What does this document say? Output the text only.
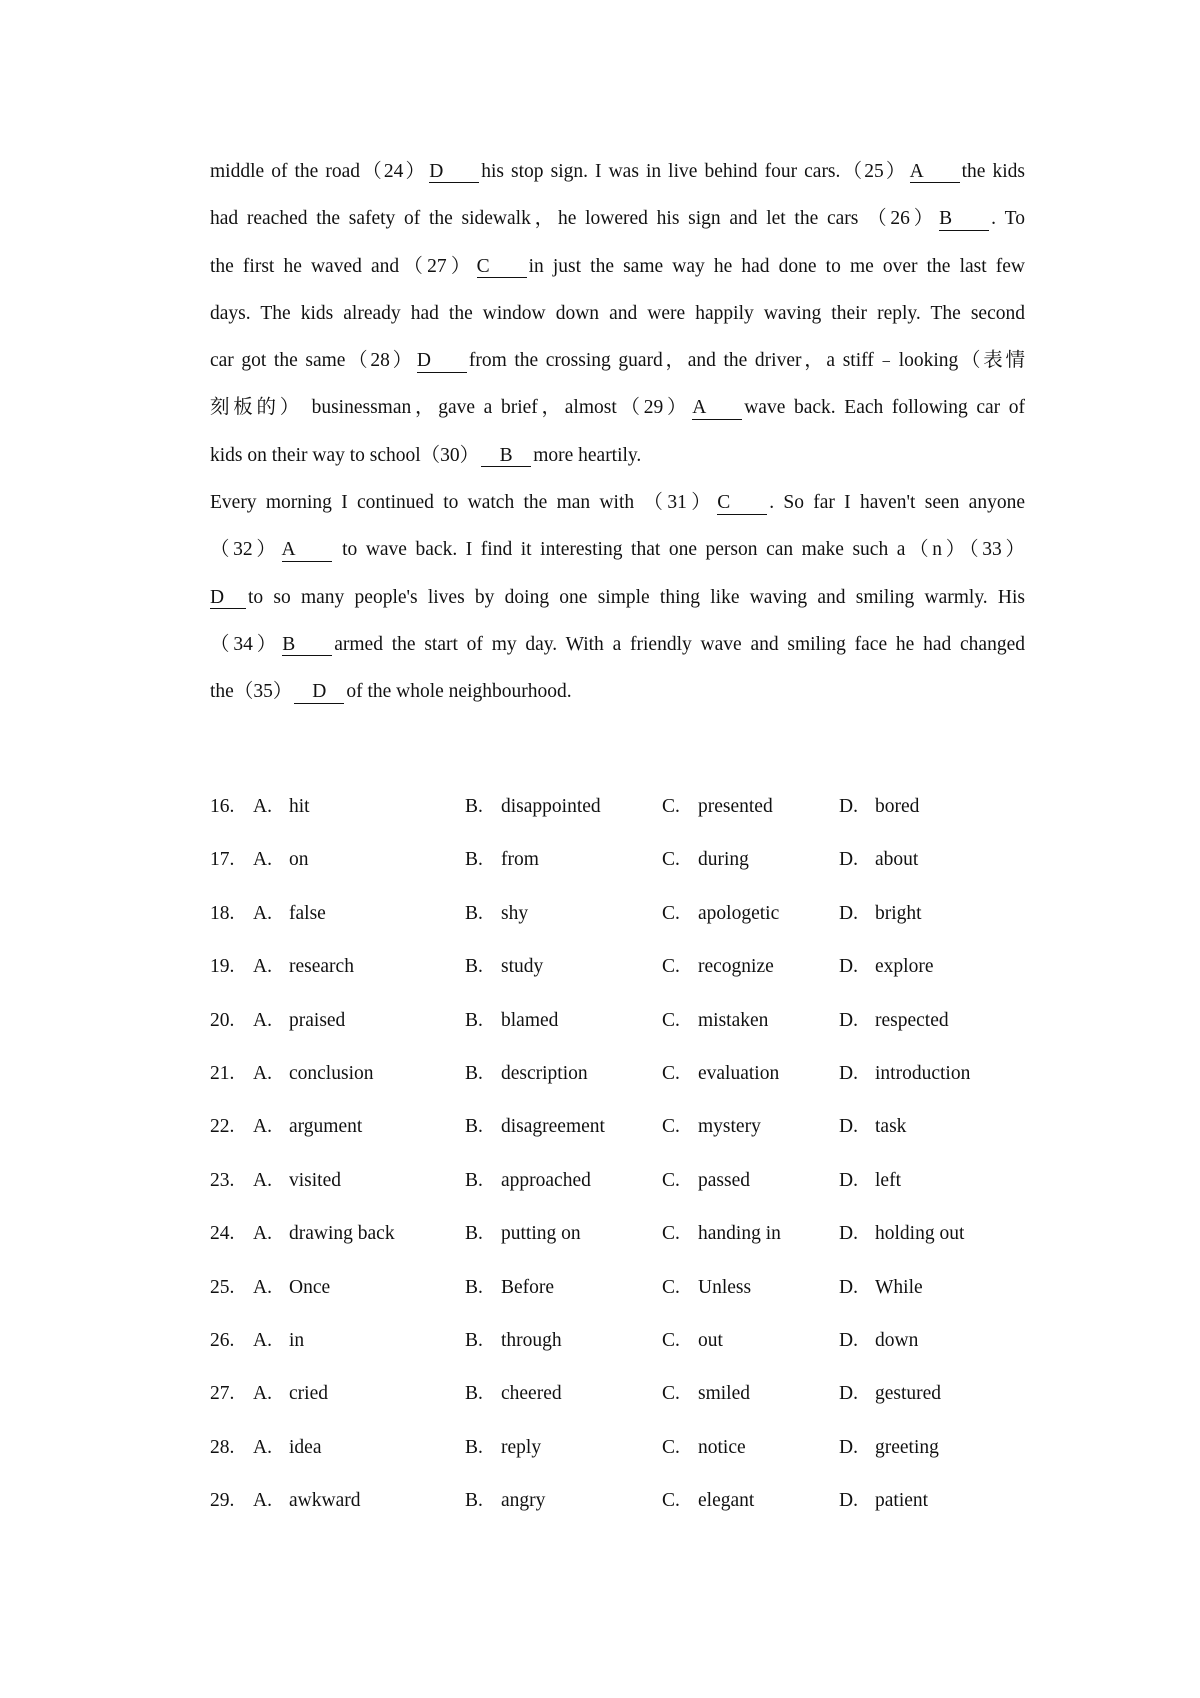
middle of the road（24） D his stop sign. I was in live behind four cars.（25） A the kids

had reached the safety of the sidewalk，he lowered his sign and let the cars （26） B . To

the first he waved and（27） C in just the same way he had done to me over the last few

days. The kids already had the window down and were happily waving their reply. The second

car got the same（28） D from the crossing guard，and the driver，a stiff﹣looking（表情

刻板的） businessman，gave a brief，almost（29） A wave back. Each following car of

kids on their way to school（30） B more heartily.

Every morning I continued to watch the man with （31） C . So far I haven't seen anyone

（32） A to wave back. I find it interesting that one person can make such a（n）（33）

D to so many people's lives by doing one simple thing like waving and smiling warmly. His

（34） B armed the start of my day. With a friendly wave and smiling face he had changed

the（35） D of the whole neighbourhood.

16. A. hit	B. disappointed	C. presented	D. bored
17. A. on	B. from	C. during	D. about
18. A. false	B. shy	C. apologetic	D. bright
19. A. research	B. study	C. recognize	D. explore
20. A. praised	B. blamed	C. mistaken	D. respected
21. A. conclusion	B. description	C. evaluation	D. introduction
22. A. argument	B. disagreement	C. mystery	D. task
23. A. visited	B. approached	C. passed	D. left
24. A. drawing back	B. putting on	C. handing in	D. holding out
25. A. Once	B. Before	C. Unless	D. While
26. A. in	B. through	C. out	D. down
27. A. cried	B. cheered	C. smiled	D. gestured
28. A. idea	B. reply	C. notice	D. greeting
29. A. awkward	B. angry	C. elegant	D. patient
